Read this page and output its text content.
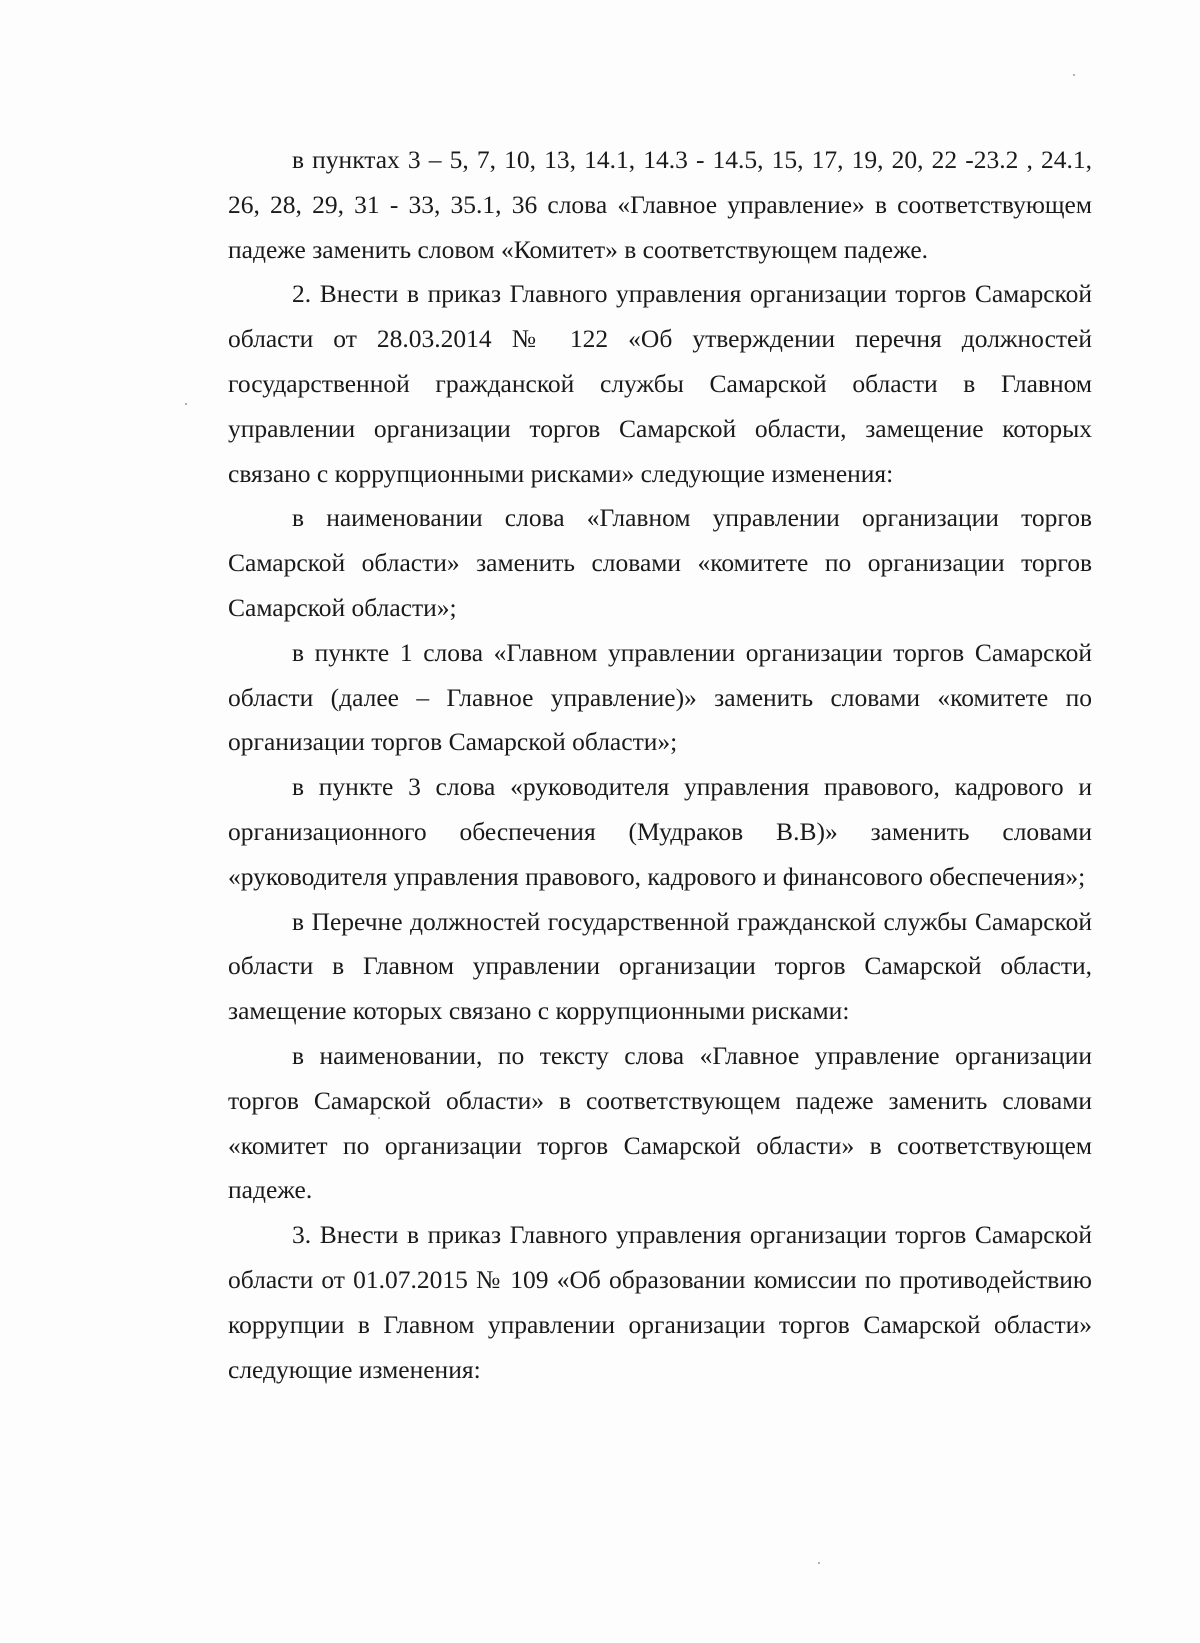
в пунктах 3 – 5, 7, 10, 13, 14.1, 14.3 - 14.5, 15, 17, 19, 20, 22 -23.2 , 24.1, 26, 28, 29, 31 - 33, 35.1, 36 слова «Главное управление» в соответствующем падеже заменить словом «Комитет» в соответствующем падеже.

2. Внести в приказ Главного управления организации торгов Самарской области от 28.03.2014 № 122 «Об утверждении перечня должностей государственной гражданской службы Самарской области в Главном управлении организации торгов Самарской области, замещение которых связано с коррупционными рисками» следующие изменения:

в наименовании слова «Главном управлении организации торгов Самарской области» заменить словами «комитете по организации торгов Самарской области»;

в пункте 1 слова «Главном управлении организации торгов Самарской области (далее – Главное управление)» заменить словами «комитете по организации торгов Самарской области»;

в пункте 3 слова «руководителя управления правового, кадрового и организационного обеспечения (Мудраков В.В)» заменить словами «руководителя управления правового, кадрового и финансового обеспечения»;

в Перечне должностей государственной гражданской службы Самарской области в Главном управлении организации торгов Самарской области, замещение которых связано с коррупционными рисками:

в наименовании, по тексту слова «Главное управление организации торгов Самарской области» в соответствующем падеже заменить словами «комитет по организации торгов Самарской области» в соответствующем падеже.

3. Внести в приказ Главного управления организации торгов Самарской области от 01.07.2015 № 109 «Об образовании комиссии по противодействию коррупции в Главном управлении организации торгов Самарской области» следующие изменения:
